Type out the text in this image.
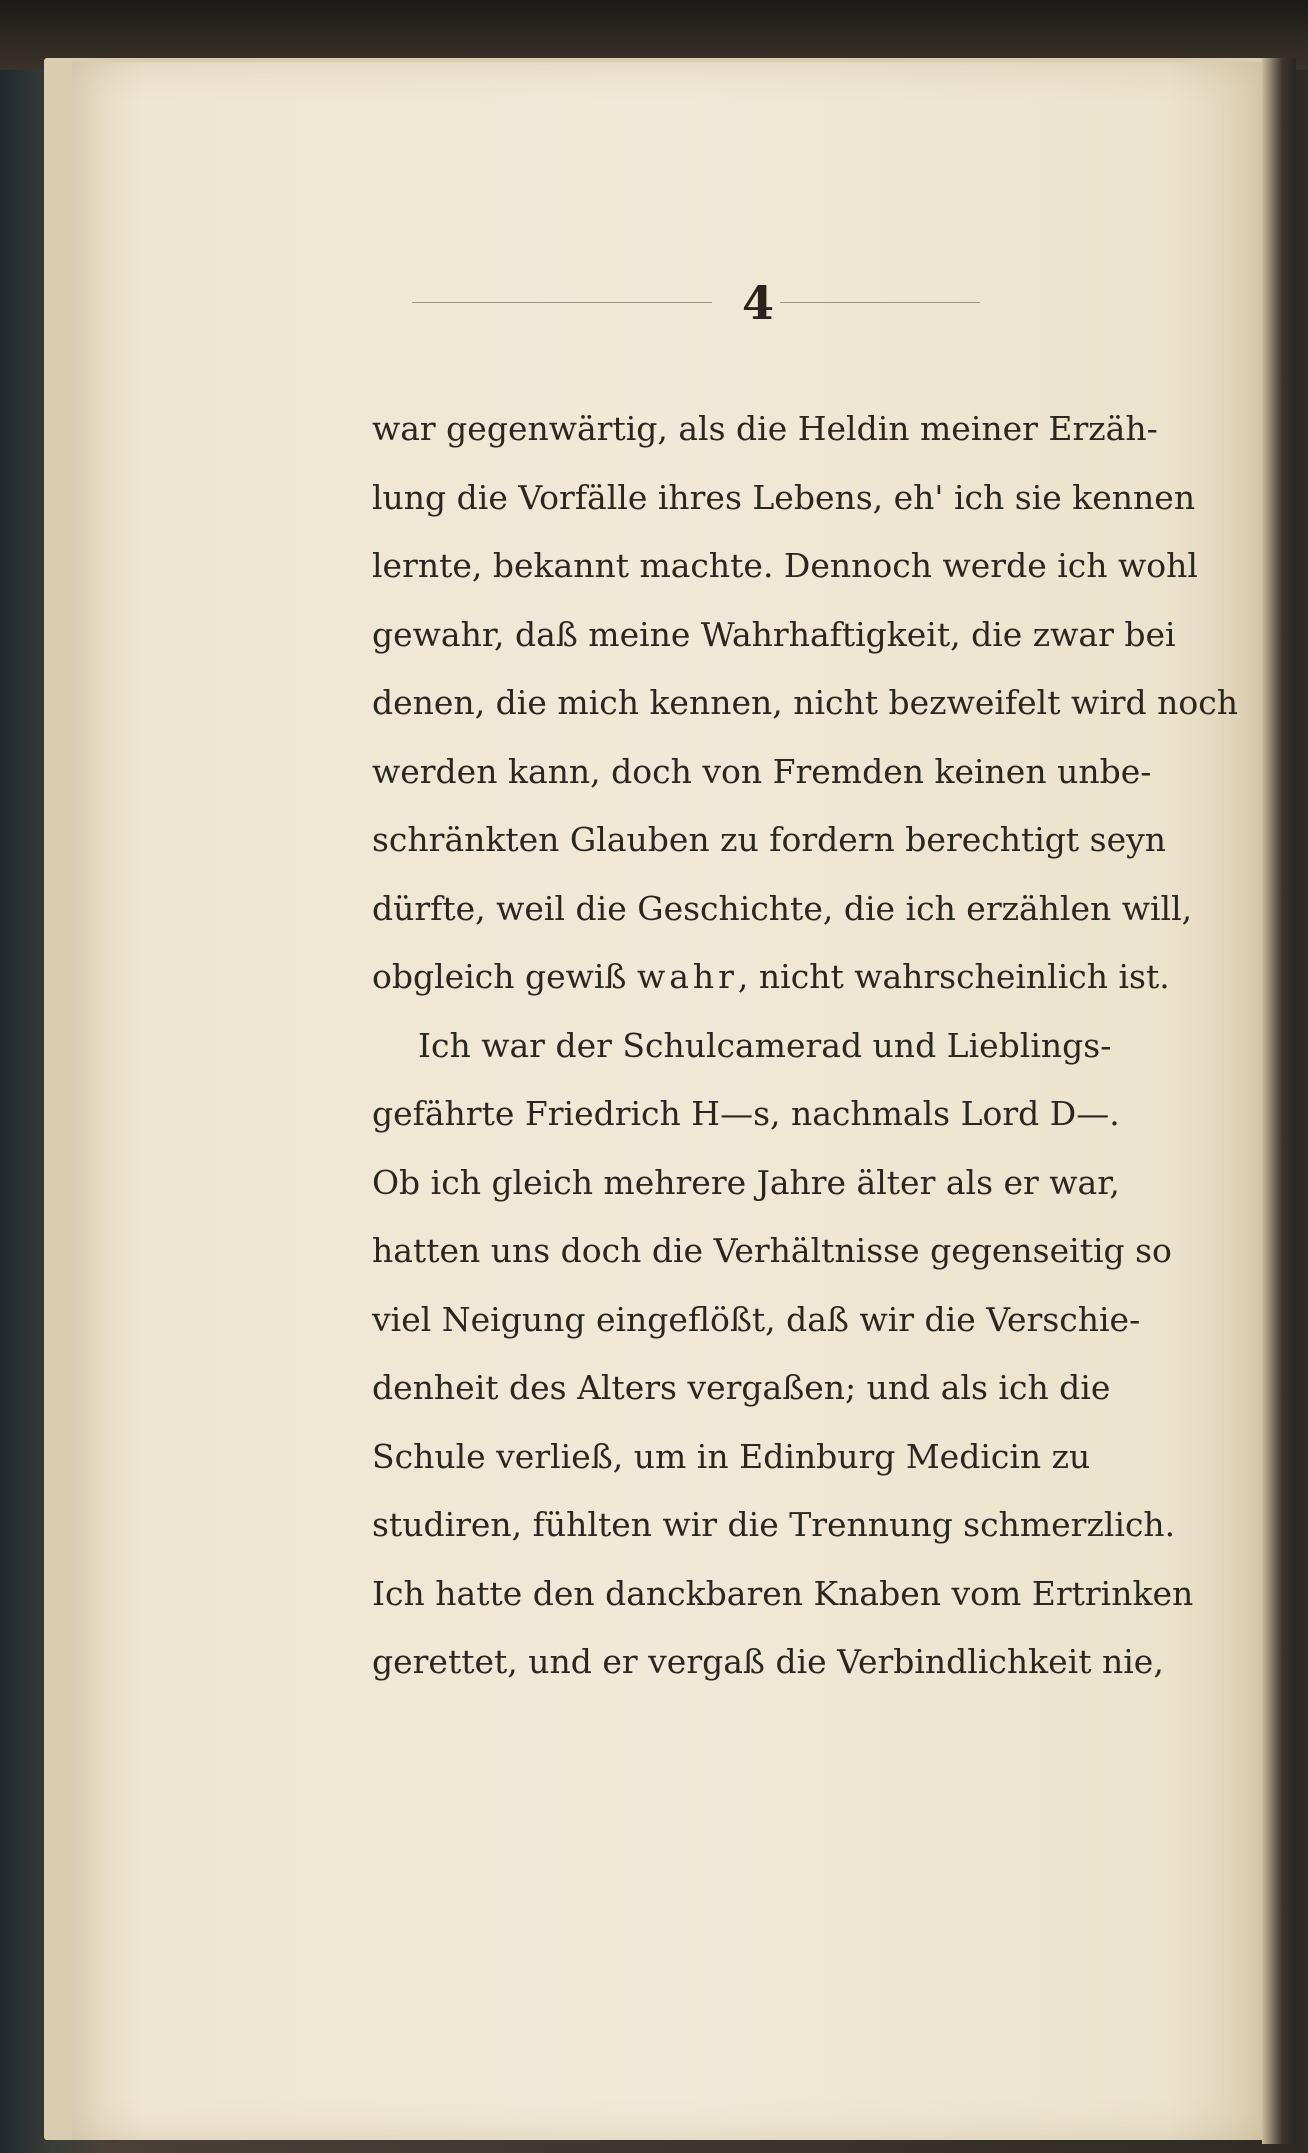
4
war gegenwärtig, als die Heldin meiner Erzäh-
lung die Vorfälle ihres Lebens, eh' ich sie kennen
lernte, bekannt machte. Dennoch werde ich wohl
gewahr, daß meine Wahrhaftigkeit, die zwar bei
denen, die mich kennen, nicht bezweifelt wird noch
werden kann, doch von Fremden keinen unbe-
schränkten Glauben zu fordern berechtigt seyn
dürfte, weil die Geschichte, die ich erzählen will,
obgleich gewiß wahr, nicht wahrscheinlich ist.
Ich war der Schulcamerad und Lieblings-
gefährte Friedrich H—s, nachmals Lord D—.
Ob ich gleich mehrere Jahre älter als er war,
hatten uns doch die Verhältnisse gegenseitig so
viel Neigung eingeflößt, daß wir die Verschie-
denheit des Alters vergaßen; und als ich die
Schule verließ, um in Edinburg Medicin zu
studiren, fühlten wir die Trennung schmerzlich.
Ich hatte den danckbaren Knaben vom Ertrinken
gerettet, und er vergaß die Verbindlichkeit nie,
